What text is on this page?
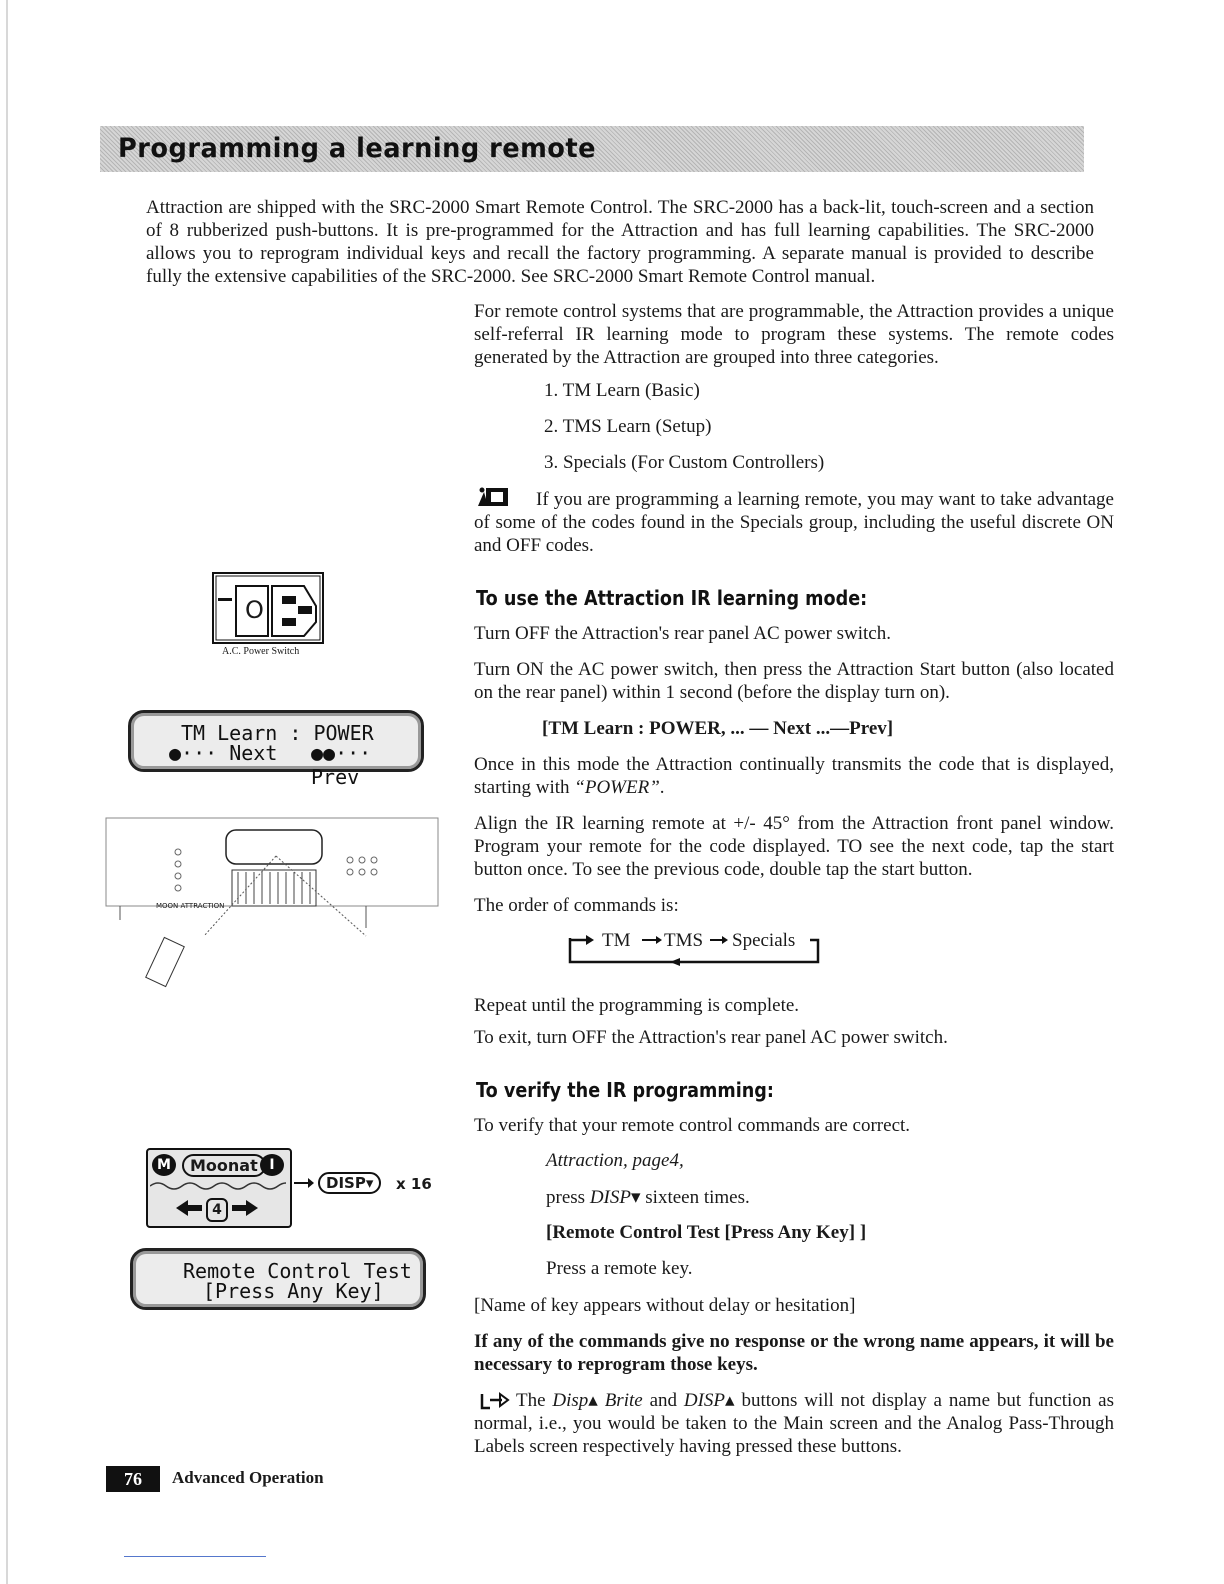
Programming a learning remote
Attraction are shipped with the SRC-2000 Smart Remote Control. The SRC-2000 has a back-lit, touch-screen and a section of 8 rubberized push-buttons. It is pre-programmed for the Attraction and has full learning capabilities. The SRC-2000 allows you to reprogram individual keys and recall the factory programming. A separate manual is provided to describe fully the extensive capabilities of the SRC-2000. See SRC-2000 Smart Remote Control manual.
For remote control systems that are programmable, the Attraction provides a unique self-referral IR learning mode to program these systems. The remote codes generated by the Attraction are grouped into three categories.
1. TM Learn (Basic)
2. TMS Learn (Setup)
3. Specials (For Custom Controllers)
If you are programming a learning remote, you may want to take advantage of some of the codes found in the Specials group, including the useful discrete ON and OFF codes.
To use the Attraction IR learning mode:
Turn OFF the Attraction's rear panel AC power switch.
Turn ON the AC power switch, then press the Attraction Start button (also located on the rear panel) within 1 second (before the display turn on).
[TM Learn : POWER, ... — Next ...—Prev]
Once in this mode the Attraction continually transmits the code that is displayed, starting with “POWER”.
Align the IR learning remote at +/- 45° from the Attraction front panel window. Program your remote for the code displayed. TO see the next code, tap the start button once. To see the previous code, double tap the start button.
The order of commands is:
TM TMS Specials
Repeat until the programming is complete.
To exit, turn OFF the Attraction's rear panel AC power switch.
To verify the IR programming:
To verify that your remote control commands are correct.
Attraction, page4,
press DISP▾ sixteen times.
[Remote Control Test [Press Any Key] ]
Press a remote key.
[Name of key appears without delay or hesitation]
If any of the commands give no response or the wrong name appears, it will be necessary to reprogram those keys.
The Disp▴ Brite and DISP▴ buttons will not display a name but function as normal, i.e., you would be taken to the Main screen and the Analog Pass-Through Labels screen respectively having pressed these buttons.
O
A.C. Power Switch
TM Learn : POWER
●··· Next ●●··· Prev
MOON ATTRACTION
M	Moonat I
4
DISP▾	x 16
Remote Control Test
[Press Any Key]
76	Advanced Operation
